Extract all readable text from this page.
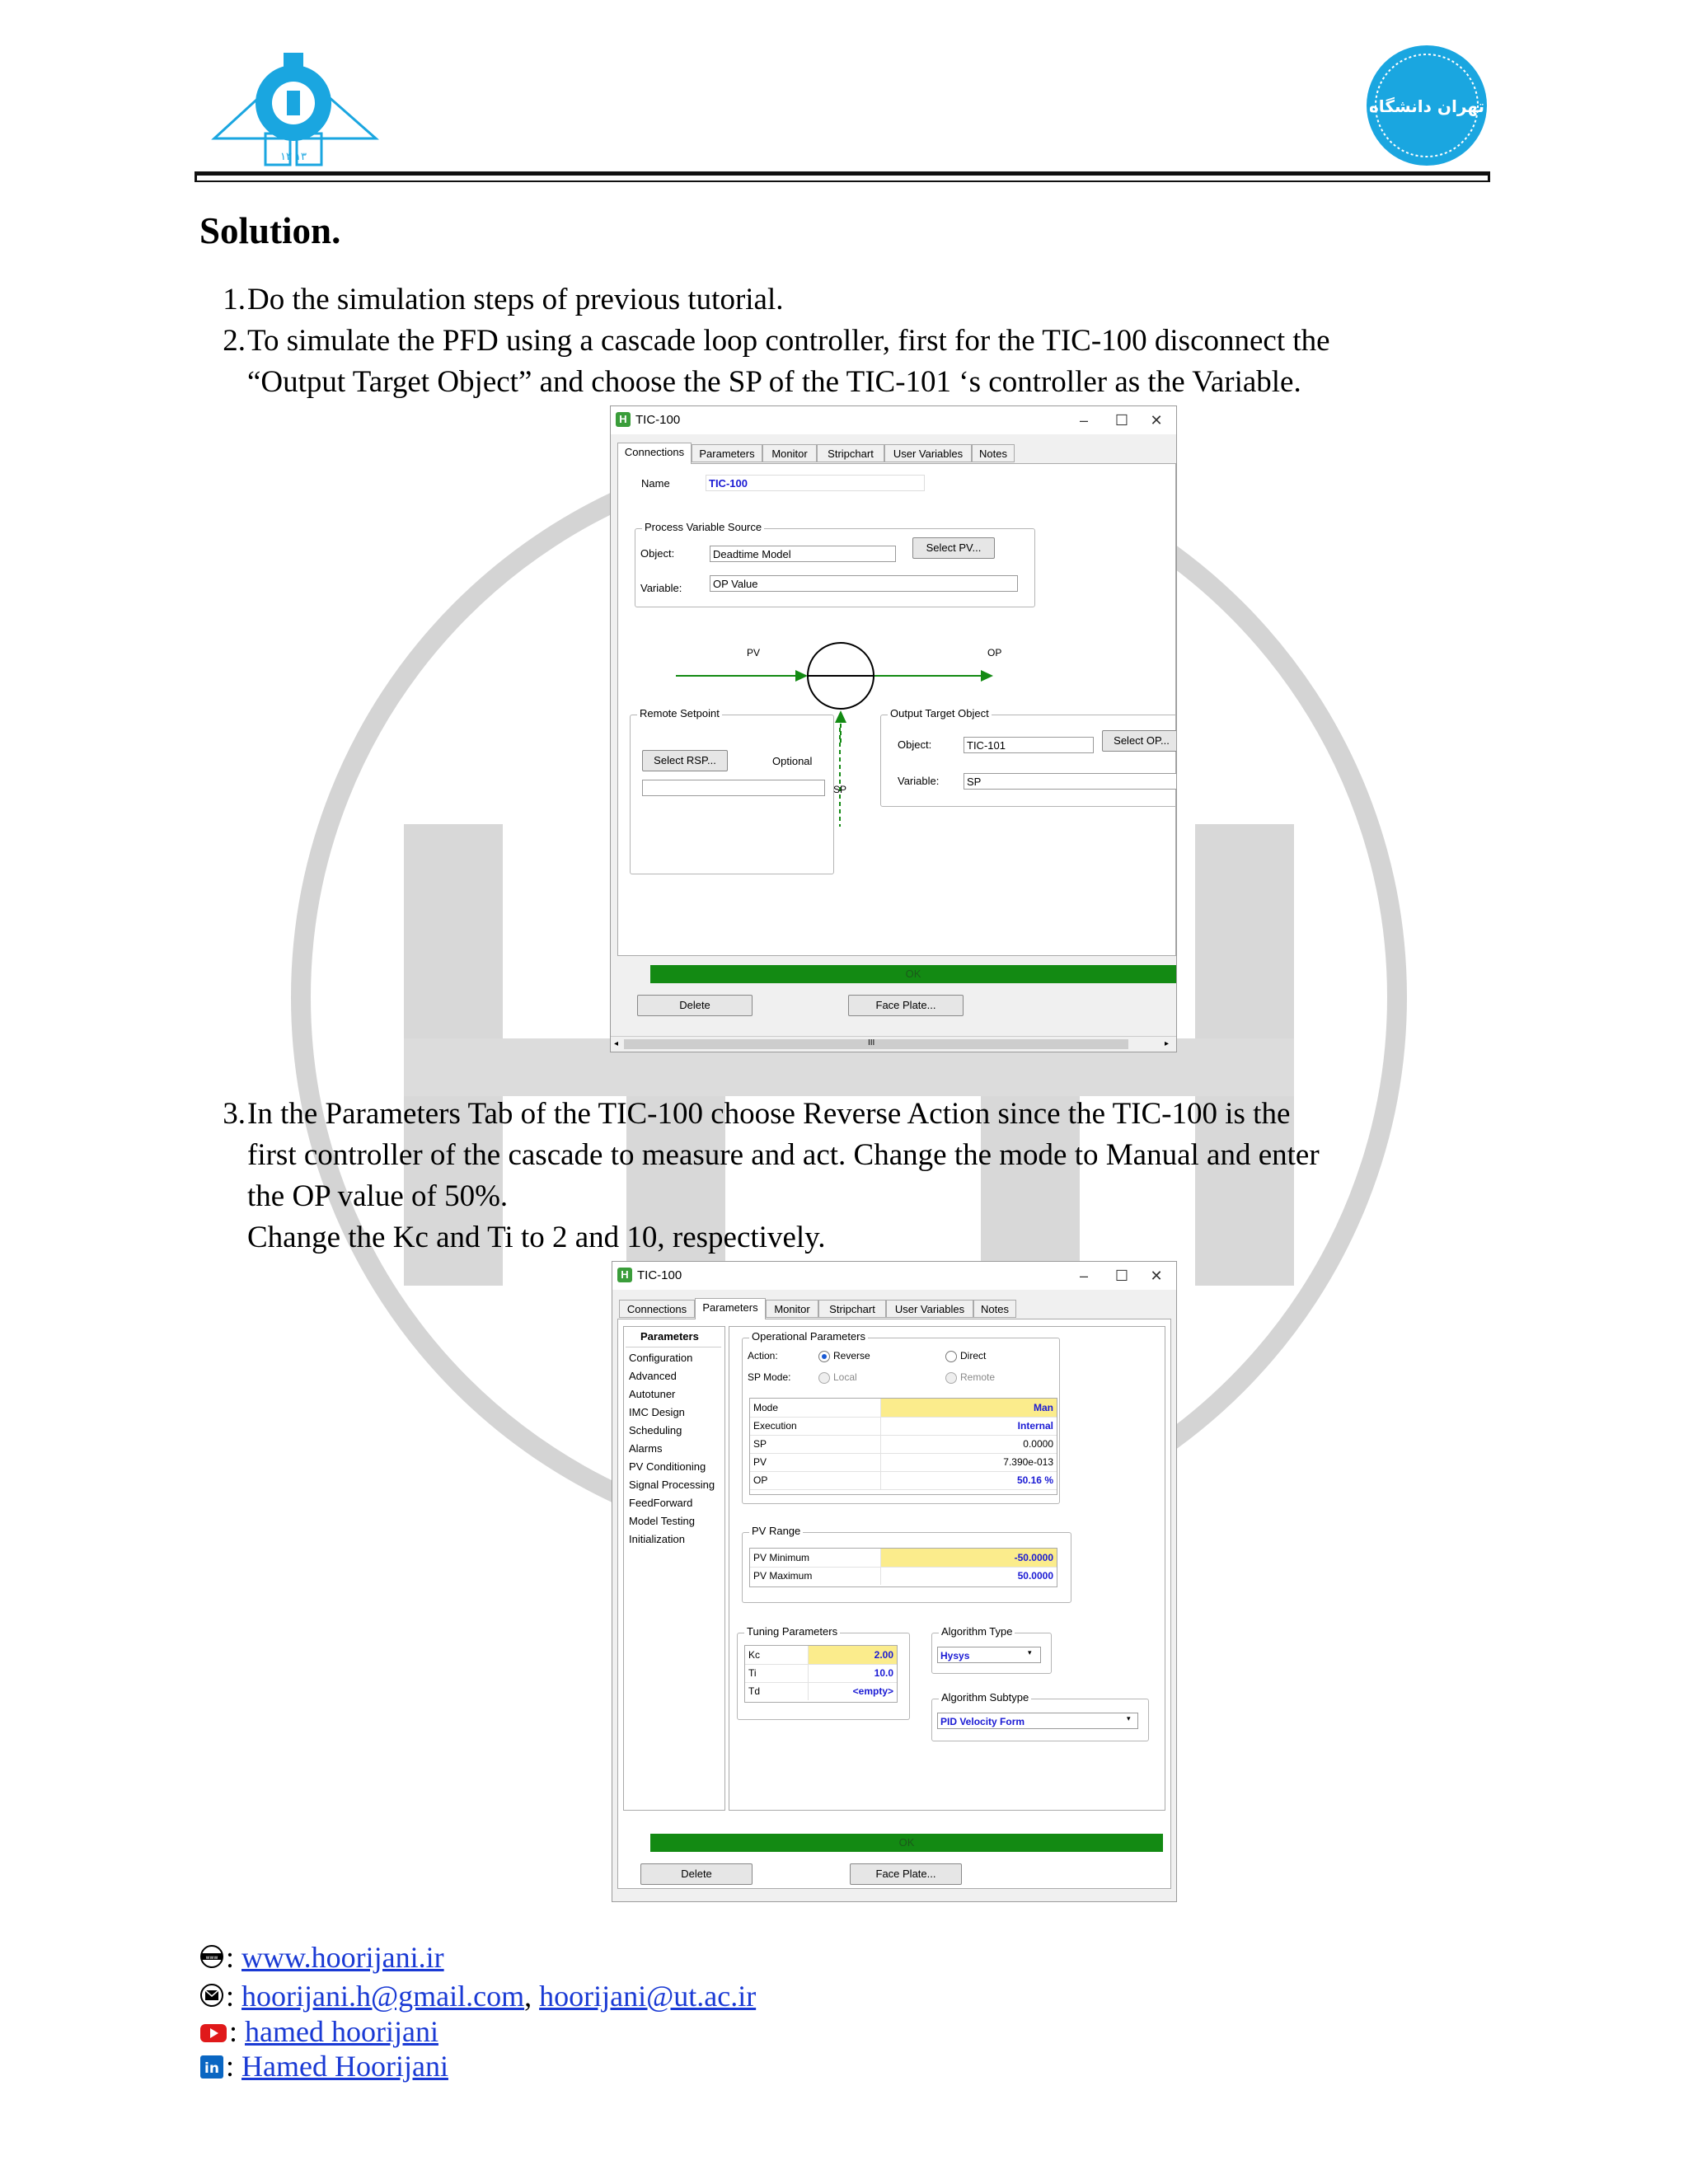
۱۳ ۱۳
تهران دانشگاه
Solution.
1. Do the simulation steps of previous tutorial.
2. To simulate the PFD using a cascade loop controller, first for the TIC-100 disconnect the
“Output Target Object” and choose the SP of the TIC-101 ‘s controller as the Variable.
H TIC-100	–	☐	✕
Connections	Parameters	Monitor	Stripchart	User Variables	Notes
Name	TIC-100
Process Variable Source
Object:	Deadtime Model
Select PV...
Variable:	OP Value
PV	OP
Remote Setpoint
Select RSP...	Optional
SP
Output Target Object
Object:	TIC-101	Select OP...
Variable:	SP
OK
Delete	Face Plate...
◂	III	▸
3. In the Parameters Tab of the TIC-100 choose Reverse Action since the TIC-100 is the
first controller of the cascade to measure and act. Change the mode to Manual and enter
the OP value of 50%.
Change the Kc and Ti to 2 and 10, respectively.
H TIC-100	–	☐	✕
Connections	Parameters	Monitor	Stripchart	User Variables	Notes
Parameters
Configuration
Advanced
Autotuner
IMC Design
Scheduling
Alarms
PV Conditioning
Signal Processing
FeedForward
Model Testing
Initialization
Operational Parameters
Action:	Reverse	Direct
SP Mode:	Local	Remote
Mode	Man
Execution	Internal
SP	0.0000
PV	7.390e-013
OP	50.16 %
PV Range
PV Minimum	-50.0000
PV Maximum	50.0000
Tuning Parameters
Kc	2.00
Ti	10.0
Td	<empty>
Algorithm Type
Hysys	▾
Algorithm Subtype
PID Velocity Form	▾
OK
Delete	Face Plate...
www : www.hoorijani.ir
: hoorijani.h@gmail.com, hoorijani@ut.ac.ir
: hamed hoorijani
in : Hamed Hoorijani
